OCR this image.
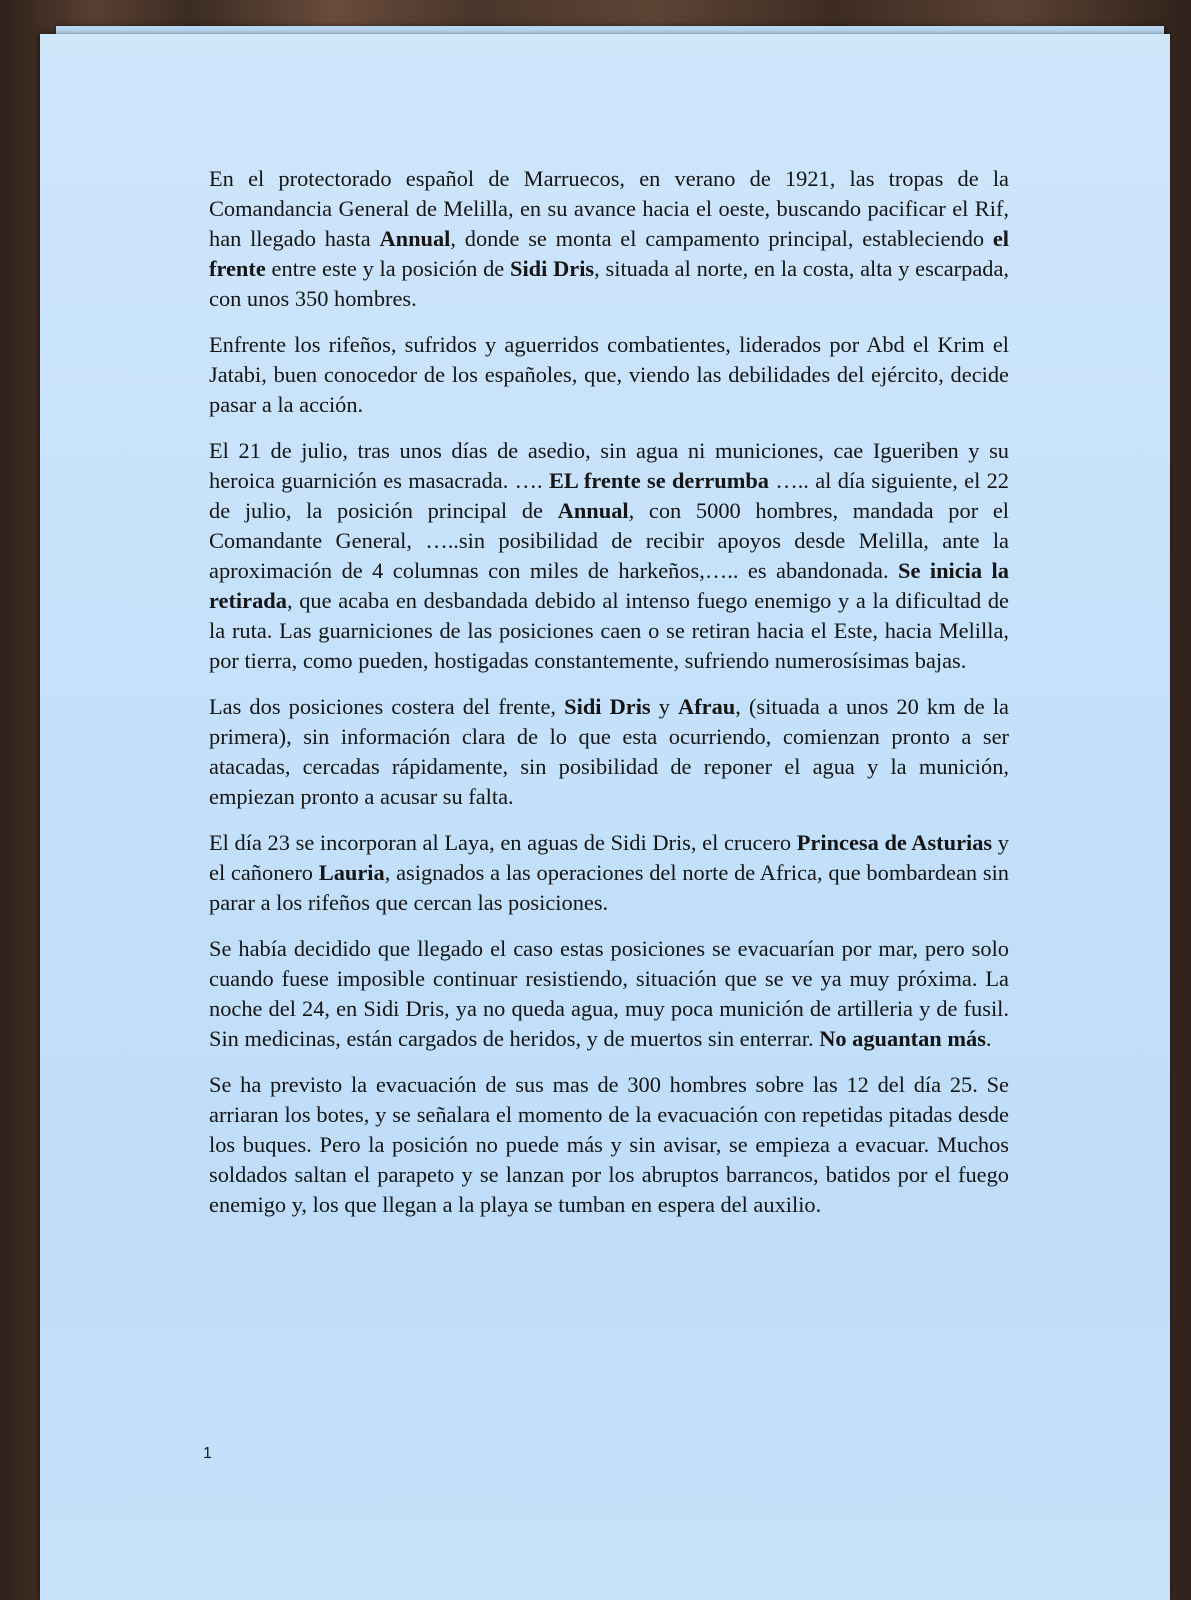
En el protectorado español de Marruecos, en verano de 1921, las tropas de la Comandancia General de Melilla, en su avance hacia el oeste, buscando pacificar el Rif, han llegado hasta Annual, donde se monta el campamento principal, estableciendo el frente entre este y la posición de Sidi Dris, situada al norte, en la costa, alta y escarpada, con unos 350 hombres.

Enfrente los rifeños, sufridos y aguerridos combatientes, liderados por Abd el Krim el Jatabi, buen conocedor de los españoles, que, viendo las debilidades del ejército, decide pasar a la acción.

El 21 de julio, tras unos días de asedio, sin agua ni municiones, cae Igueriben y su heroica guarnición es masacrada. …. EL frente se derrumba ….. al día siguiente, el 22 de julio, la posición principal de Annual, con 5000 hombres, mandada por el Comandante General, …..sin posibilidad de recibir apoyos desde Melilla, ante la aproximación de 4 columnas con miles de harkeños,….. es abandonada. Se inicia la retirada, que acaba en desbandada debido al intenso fuego enemigo y a la dificultad de la ruta. Las guarniciones de las posiciones caen o se retiran hacia el Este, hacia Melilla, por tierra, como pueden, hostigadas constantemente, sufriendo numerosísimas bajas.

Las dos posiciones costera del frente, Sidi Dris y Afrau, (situada a unos 20 km de la primera), sin información clara de lo que esta ocurriendo, comienzan pronto a ser atacadas, cercadas rápidamente, sin posibilidad de reponer el agua y la munición, empiezan pronto a acusar su falta.

El día 23 se incorporan al Laya, en aguas de Sidi Dris, el crucero Princesa de Asturias y el cañonero Lauria, asignados a las operaciones del norte de Africa, que bombardean sin parar a los rifeños que cercan las posiciones.

Se había decidido que llegado el caso estas posiciones se evacuarían por mar, pero solo cuando fuese imposible continuar resistiendo, situación que se ve ya muy próxima. La noche del 24, en Sidi Dris, ya no queda agua, muy poca munición de artilleria y de fusil. Sin medicinas, están cargados de heridos, y de muertos sin enterrar. No aguantan más.

Se ha previsto la evacuación de sus mas de 300 hombres sobre las 12 del día 25. Se arriaran los botes, y se señalara el momento de la evacuación con repetidas pitadas desde los buques. Pero la posición no puede más y sin avisar, se empieza a evacuar. Muchos soldados saltan el parapeto y se lanzan por los abruptos barrancos, batidos por el fuego enemigo y, los que llegan a la playa se tumban en espera del auxilio.

1
